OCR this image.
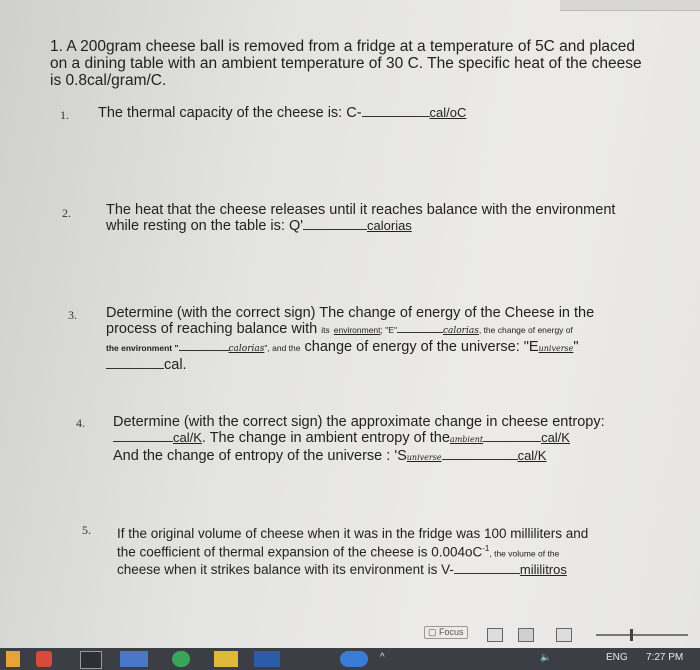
1. A 200gram cheese ball is removed from a fridge at a temperature of 5C and placed
on a dining table with an ambient temperature of 30 C. The specific heat of the cheese
is 0.8cal/gram/C.
1. The thermal capacity of the cheese is: C-	cal/oC
2. The heat that the cheese releases until it reaches balance with the environment
while resting on the table is: Q'	calorias
3. Determine (with the correct sign) The change of energy of the Cheese in the
process of reaching balance with its environment; "E"	calorias, the change of energy of
the environment "	calorias", and the change of energy of the universe: "Euniverse"
cal.
4. Determine (with the correct sign) the approximate change in cheese entropy:
cal/K. The change in ambient entropy of theambient	cal/K
And the change of entropy of the universe : 'Suniverse	cal/K
5. If the original volume of cheese when it was in the fridge was 100 milliliters and
the coefficient of thermal expansion of the cheese is $0.004oC^{-1}$, the volume of the
cheese when it strikes balance with its environment is V-	mililitros
▢ Focus
^	🔈	ENG 7:27 PM
